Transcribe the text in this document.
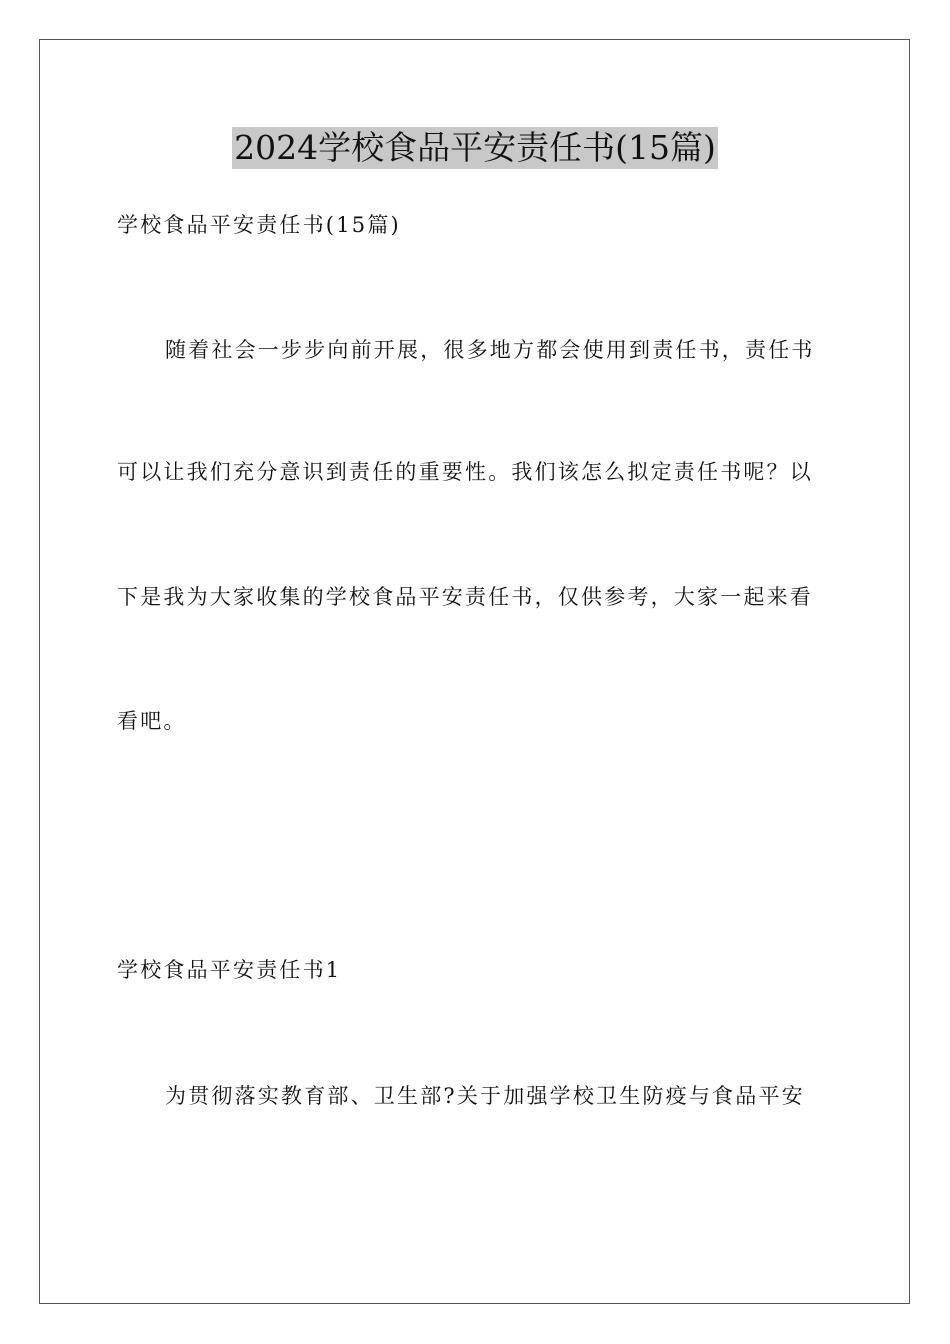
2024学校食品平安责任书(15篇)
学校食品平安责任书(15篇)
随着社会一步步向前开展，很多地方都会使用到责任书，责任书
可以让我们充分意识到责任的重要性。我们该怎么拟定责任书呢？以
下是我为大家收集的学校食品平安责任书，仅供参考，大家一起来看
看吧。
学校食品平安责任书1
为贯彻落实教育部、卫生部?关于加强学校卫生防疫与食品平安
